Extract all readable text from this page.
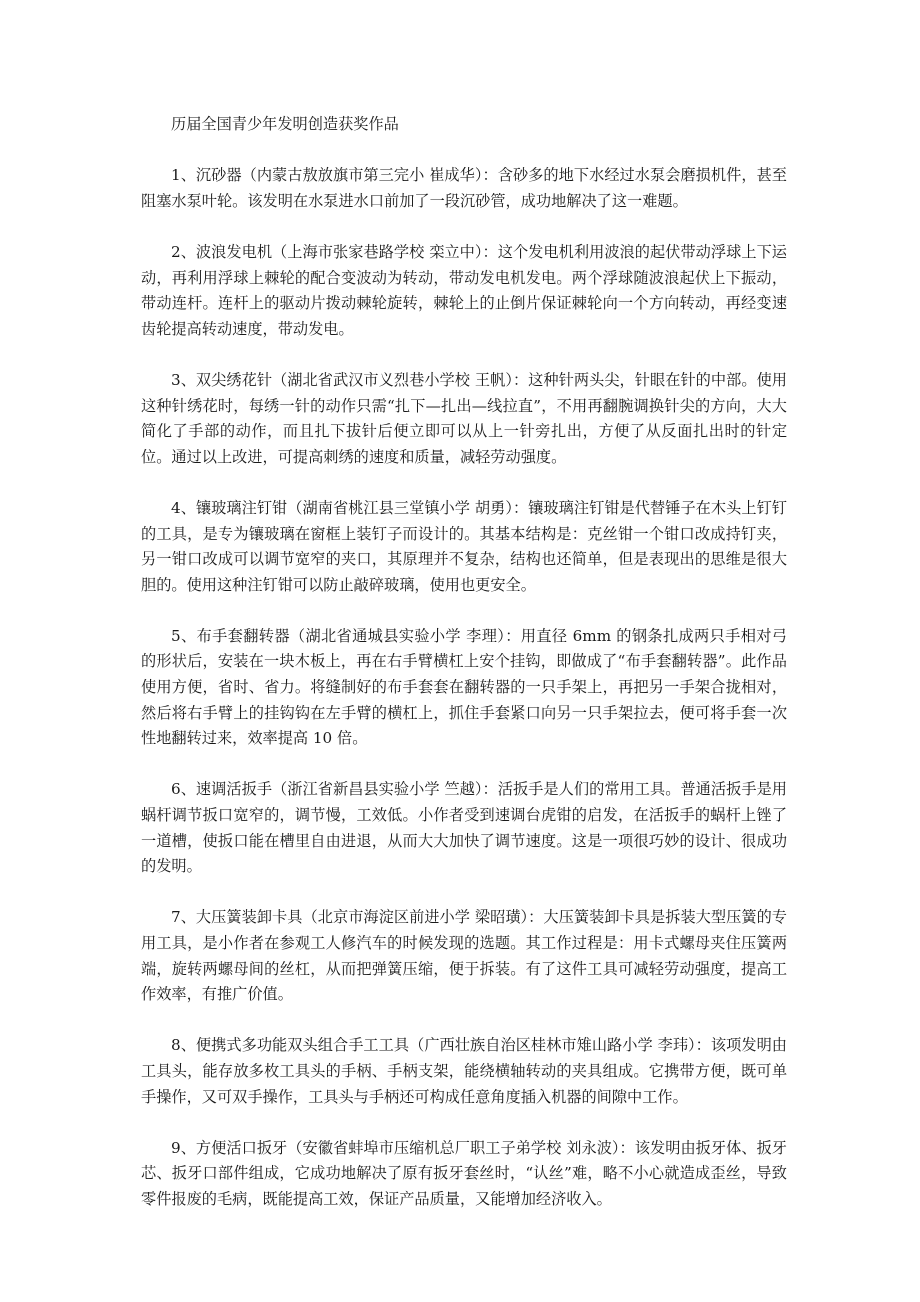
历届全国青少年发明创造获奖作品

1、沉砂器（内蒙古敖放旗市第三完小 崔成华）：含砂多的地下水经过水泵会磨损机件，甚至阻塞水泵叶轮。该发明在水泵进水口前加了一段沉砂管，成功地解决了这一难题。

2、波浪发电机（上海市张家巷路学校 栾立中）：这个发电机利用波浪的起伏带动浮球上下运动，再利用浮球上棘轮的配合变波动为转动，带动发电机发电。两个浮球随波浪起伏上下振动，带动连杆。连杆上的驱动片拨动棘轮旋转，棘轮上的止倒片保证棘轮向一个方向转动，再经变速齿轮提高转动速度，带动发电。

3、双尖绣花针（湖北省武汉市义烈巷小学校 王帆）：这种针两头尖，针眼在针的中部。使用这种针绣花时，每绣一针的动作只需“扎下—扎出—线拉直”，不用再翻腕调换针尖的方向，大大简化了手部的动作，而且扎下拔针后便立即可以从上一针旁扎出，方便了从反面扎出时的针定位。通过以上改进，可提高刺绣的速度和质量，减轻劳动强度。

4、镶玻璃注钉钳（湖南省桃江县三堂镇小学 胡勇）：镶玻璃注钉钳是代替锤子在木头上钉钉的工具，是专为镶玻璃在窗框上装钉子而设计的。其基本结构是：克丝钳一个钳口改成持钉夹，另一钳口改成可以调节宽窄的夹口，其原理并不复杂，结构也还简单，但是表现出的思维是很大胆的。使用这种注钉钳可以防止敲碎玻璃，使用也更安全。

5、布手套翻转器（湖北省通城县实验小学 李理）：用直径 6mm 的钢条扎成两只手相对弓的形状后，安装在一块木板上，再在右手臂横杠上安个挂钩，即做成了“布手套翻转器”。此作品使用方便，省时、省力。将缝制好的布手套套在翻转器的一只手架上，再把另一手架合拢相对，然后将右手臂上的挂钩钩在左手臂的横杠上，抓住手套紧口向另一只手架拉去，便可将手套一次性地翻转过来，效率提高 10 倍。

6、速调活扳手（浙江省新昌县实验小学 竺越）：活扳手是人们的常用工具。普通活扳手是用蜗杆调节扳口宽窄的，调节慢，工效低。小作者受到速调台虎钳的启发，在活扳手的蜗杆上锉了一道槽，使扳口能在槽里自由进退，从而大大加快了调节速度。这是一项很巧妙的设计、很成功的发明。

7、大压簧装卸卡具（北京市海淀区前进小学 梁昭璜）：大压簧装卸卡具是拆装大型压簧的专用工具，是小作者在参观工人修汽车的时候发现的选题。其工作过程是：用卡式螺母夹住压簧两端，旋转两螺母间的丝杠，从而把弹簧压缩，便于拆装。有了这件工具可减轻劳动强度，提高工作效率，有推广价值。

8、便携式多功能双头组合手工工具（广西壮族自治区桂林市雉山路小学 李玮）：该项发明由工具头，能存放多枚工具头的手柄、手柄支架，能绕横轴转动的夹具组成。它携带方便，既可单手操作，又可双手操作，工具头与手柄还可构成任意角度插入机器的间隙中工作。

9、方便活口扳牙（安徽省蚌埠市压缩机总厂职工子弟学校 刘永波）：该发明由扳牙体、扳牙芯、扳牙口部件组成，它成功地解决了原有扳牙套丝时，“认丝”难，略不小心就造成歪丝，导致零件报废的毛病，既能提高工效，保证产品质量，又能增加经济收入。
